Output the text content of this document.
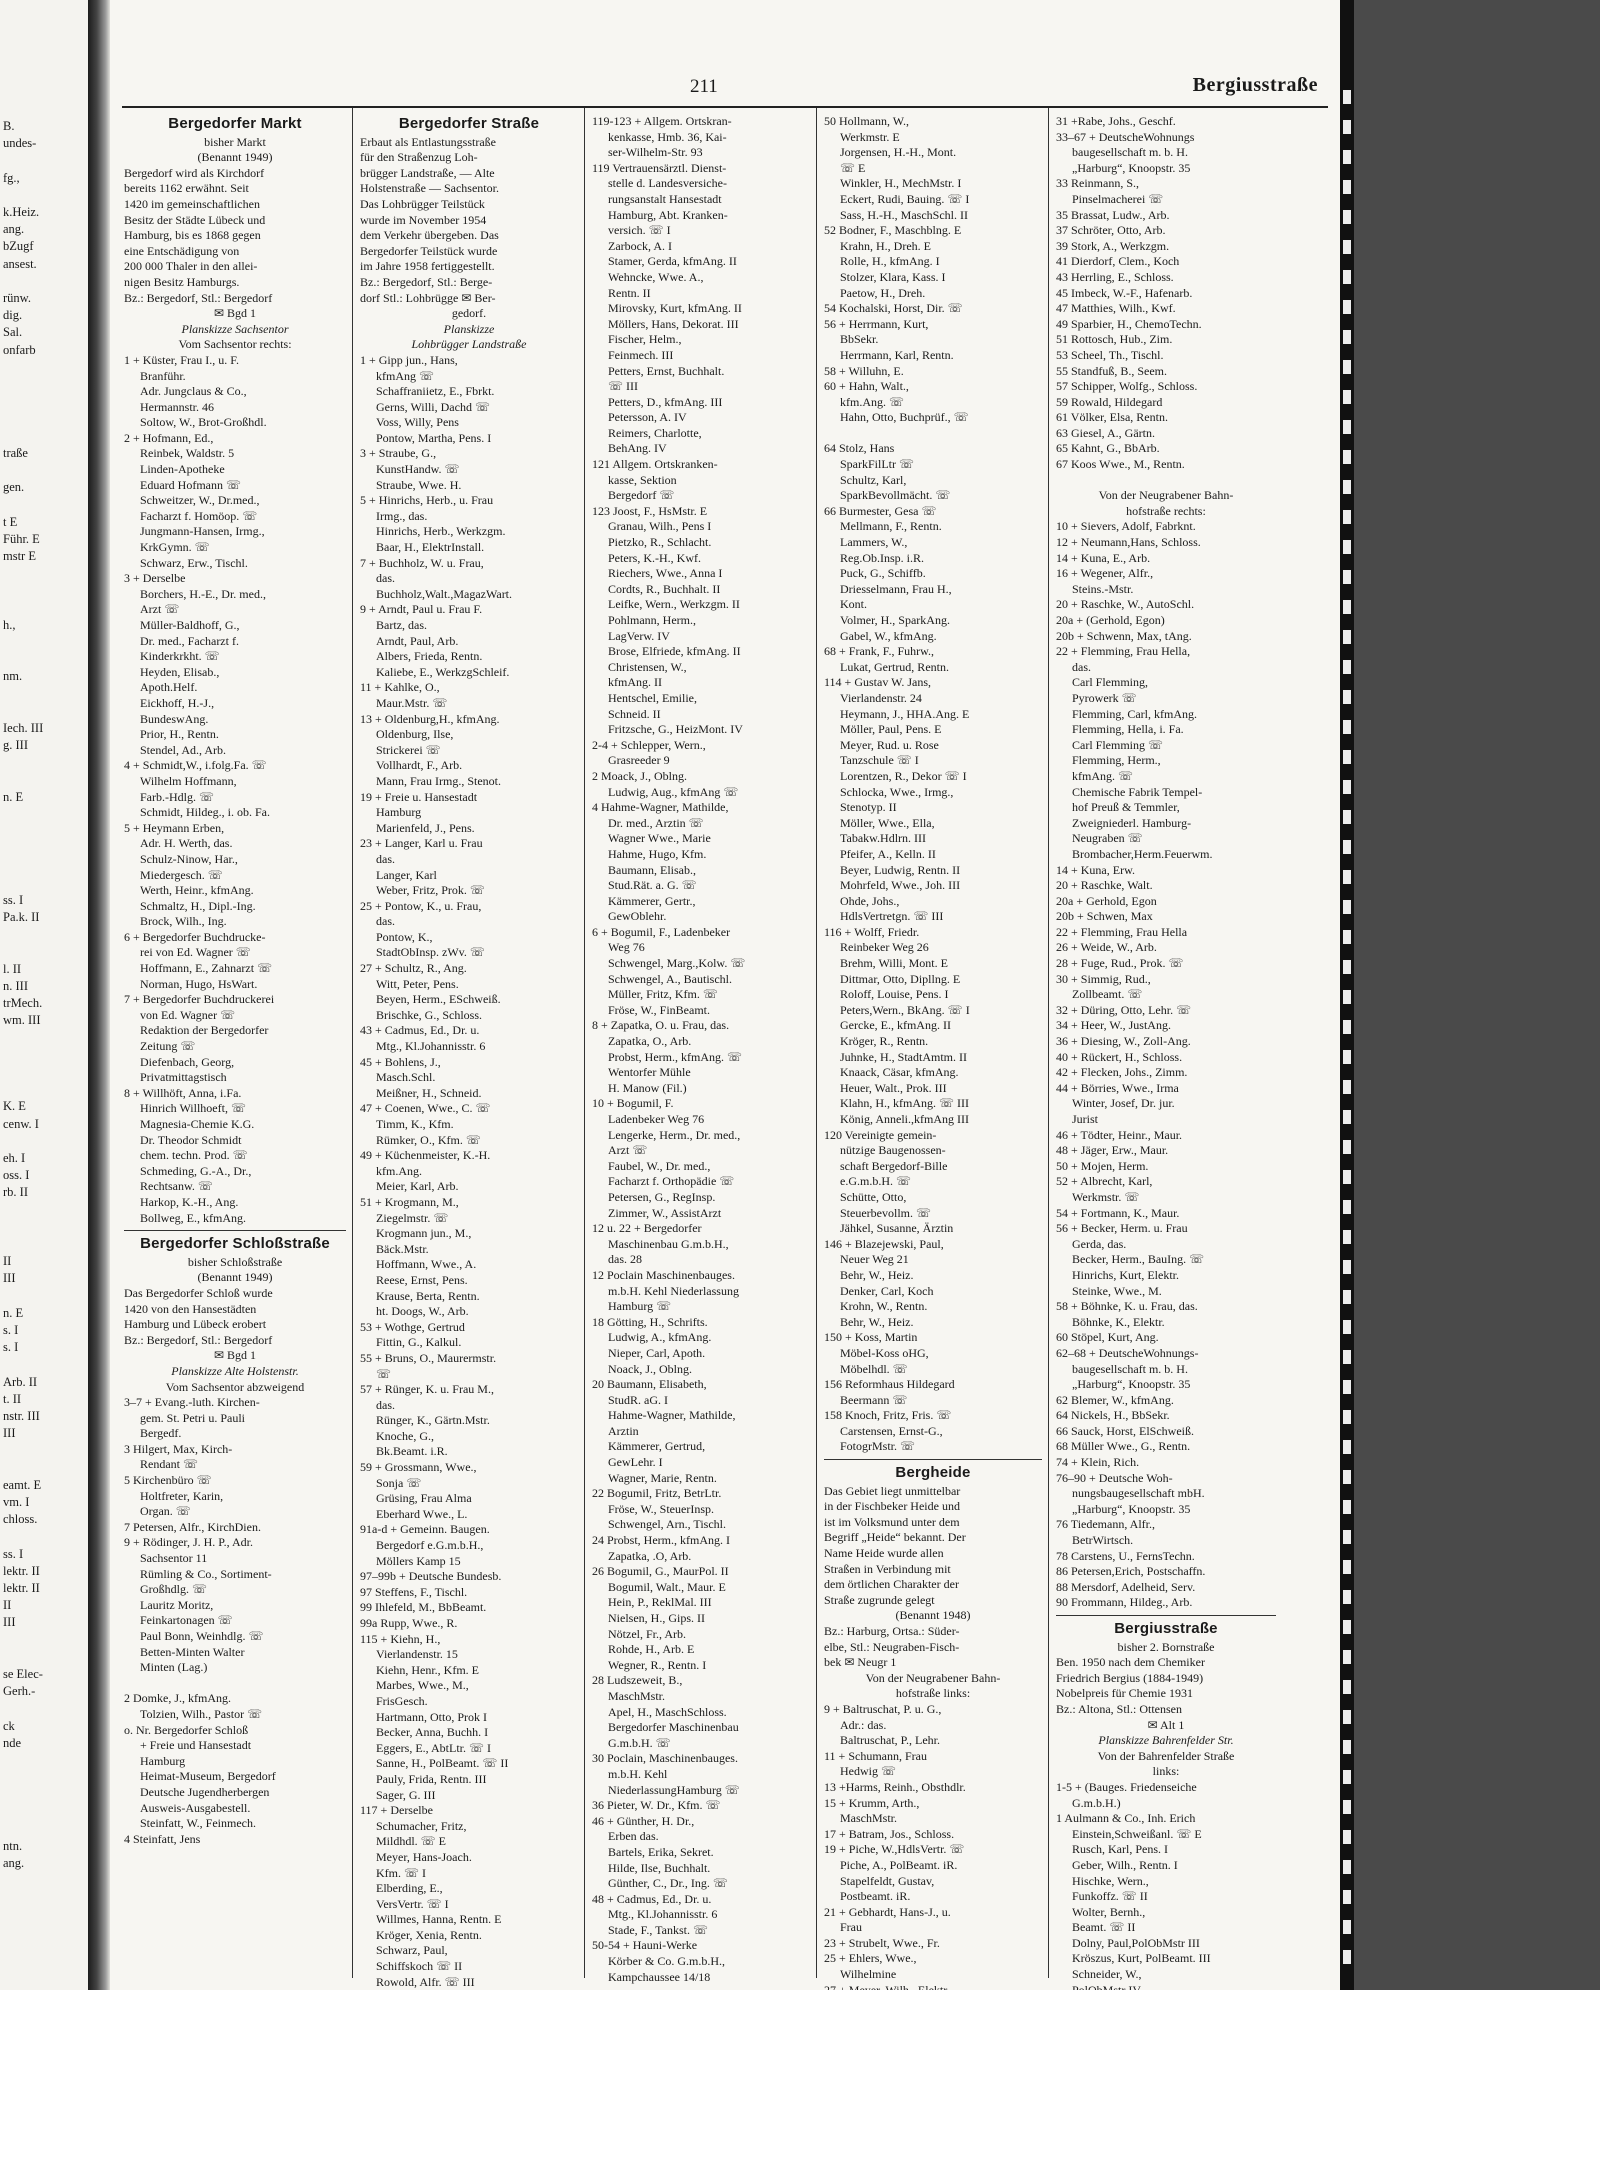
B.
undes-
fg.,
k.Heiz.
ang.
bZugf
ansest.
rünw.
dig.
Sal.
onfarb
traße
gen.
t E
Führ. E
mstr E
h.,
nm.
Iech. III
g. III
n. E
ss. I
Pa.k. II
l. II
n. III
trMech.
wm. III
K. E
cenw. I
eh. I
oss. I
rb. II
II
III
n. E
s. I
s. I
Arb. II
t. II
nstr. III
III
eamt. E
vm. I
chloss.
ss. I
lektr. II
lektr. II
II
III
se Elec-
Gerh.-
ck
nde
ntn.
ang.
211	Bergiusstraße
Bergedorfer Markt
bisher Markt
(Benannt 1949)
Bergedorf wird als Kirchdorf
bereits 1162 erwähnt. Seit
1420 im gemeinschaftlichen
Besitz der Städte Lübeck und
Hamburg, bis es 1868 gegen
eine Entschädigung von
200 000 Thaler in den allei-
nigen Besitz Hamburgs.
Bz.: Bergedorf, Stl.: Bergedorf
✉ Bgd 1
Planskizze Sachsentor
Vom Sachsentor rechts:
1 + Küster, Frau I., u. F.
Branführ.
Adr. Jungclaus & Co.,
Hermannstr. 46
Soltow, W., Brot-Großhdl.
2 + Hofmann, Ed.,
Reinbek, Waldstr. 5
Linden-Apotheke
Eduard Hofmann ☏
Schweitzer, W., Dr.med.,
Facharzt f. Homöop. ☏
Jungmann-Hansen, Irmg.,
KrkGymn. ☏
Schwarz, Erw., Tischl.
3 + Derselbe
Borchers, H.-E., Dr. med.,
Arzt ☏
Müller-Baldhoff, G.,
Dr. med., Facharzt f.
Kinderkrkht. ☏
Heyden, Elisab.,
Apoth.Helf.
Eickhoff, H.-J.,
BundeswAng.
Prior, H., Rentn.
Stendel, Ad., Arb.
4 + Schmidt,W., i.folg.Fa. ☏
Wilhelm Hoffmann,
Farb.-Hdlg. ☏
Schmidt, Hildeg., i. ob. Fa.
5 + Heymann Erben,
Adr. H. Werth, das.
Schulz-Ninow, Har.,
Miedergesch. ☏
Werth, Heinr., kfmAng.
Schmaltz, H., Dipl.-Ing.
Brock, Wilh., Ing.
6 + Bergedorfer Buchdrucke-
rei von Ed. Wagner ☏
Hoffmann, E., Zahnarzt ☏
Norman, Hugo, HsWart.
7 + Bergedorfer Buchdruckerei
von Ed. Wagner ☏
Redaktion der Bergedorfer
Zeitung ☏
Diefenbach, Georg,
Privatmittagstisch
8 + Willhöft, Anna, i.Fa.
Hinrich Willhoeft, ☏
Magnesia-Chemie K.G.
Dr. Theodor Schmidt
chem. techn. Prod. ☏
Schmeding, G.-A., Dr.,
Rechtsanw. ☏
Harkop, K.-H., Ang.
Bollweg, E., kfmAng.
Bergedorfer Schloßstraße
bisher Schloßstraße
(Benannt 1949)
Das Bergedorfer Schloß wurde
1420 von den Hansestädten
Hamburg und Lübeck erobert
Bz.: Bergedorf, Stl.: Bergedorf
✉ Bgd 1
Planskizze Alte Holstenstr.
Vom Sachsentor abzweigend
3–7 + Evang.-luth. Kirchen-
gem. St. Petri u. Pauli
Bergedf.
3 Hilgert, Max, Kirch-
Rendant ☏
5 Kirchenbüro ☏
Holtfreter, Karin,
Organ. ☏
7 Petersen, Alfr., KirchDien.
9 + Rödinger, J. H. P., Adr.
Sachsentor 11
Rümling & Co., Sortiment-
Großhdlg. ☏
Lauritz Moritz,
Feinkartonagen ☏
Paul Bonn, Weinhdlg. ☏
Betten-Minten Walter
Minten (Lag.)

2 Domke, J., kfmAng.
Tolzien, Wilh., Pastor ☏
o. Nr. Bergedorfer Schloß
+ Freie und Hansestadt
Hamburg
Heimat-Museum, Bergedorf
Deutsche Jugendherbergen
Ausweis-Ausgabestell.
Steinfatt, W., Feinmech.
4 Steinfatt, Jens
Bergedorfer Straße
Erbaut als Entlastungsstraße
für den Straßenzug Loh-
brügger Landstraße, — Alte
Holstenstraße — Sachsentor.
Das Lohbrügger Teilstück
wurde im November 1954
dem Verkehr übergeben. Das
Bergedorfer Teilstück wurde
im Jahre 1958 fertiggestellt.
Bz.: Bergedorf, Stl.: Berge-
dorf Stl.: Lohbrügge ✉ Ber-
gedorf.
Planskizze
Lohbrügger Landstraße
1 + Gipp jun., Hans,
kfmAng ☏
Schaffraniietz, E., Fbrkt.
Gerns, Willi, Dachd ☏
Voss, Willy, Pens
Pontow, Martha, Pens. I
3 + Straube, G.,
KunstHandw. ☏
Straube, Wwe. H.
5 + Hinrichs, Herb., u. Frau
Irmg., das.
Hinrichs, Herb., Werkzgm.
Baar, H., ElektrInstall.
7 + Buchholz, W. u. Frau,
das.
Buchholz,Walt.,MagazWart.
9 + Arndt, Paul u. Frau F.
Bartz, das.
Arndt, Paul, Arb.
Albers, Frieda, Rentn.
Kaliebe, E., WerkzgSchleif.
11 + Kahlke, O.,
Maur.Mstr. ☏
13 + Oldenburg,H., kfmAng.
Oldenburg, Ilse,
Strickerei ☏
Vollhardt, F., Arb.
Mann, Frau Irmg., Stenot.
19 + Freie u. Hansestadt
Hamburg
Marienfeld, J., Pens.
23 + Langer, Karl u. Frau
das.
Langer, Karl
Weber, Fritz, Prok. ☏
25 + Pontow, K., u. Frau,
das.
Pontow, K.,
StadtObInsp. zWv. ☏
27 + Schultz, R., Ang.
Witt, Peter, Pens.
Beyen, Herm., ESchweiß.
Brischke, G., Schloss.
43 + Cadmus, Ed., Dr. u.
Mtg., Kl.Johannisstr. 6
45 + Bohlens, J.,
Masch.Schl.
Meißner, H., Schneid.
47 + Coenen, Wwe., C. ☏
Timm, K., Kfm.
Rümker, O., Kfm. ☏
49 + Küchenmeister, K.-H.
kfm.Ang.
Meier, Karl, Arb.
51 + Krogmann, M.,
Ziegelmstr. ☏
Krogmann jun., M.,
Bäck.Mstr.
Hoffmann, Wwe., A.
Reese, Ernst, Pens.
Krause, Berta, Rentn.
ht. Doogs, W., Arb.
53 + Wothge, Gertrud
Fittin, G., Kalkul.
55 + Bruns, O., Maurermstr.
☏
57 + Rünger, K. u. Frau M.,
das.
Rünger, K., Gärtn.Mstr.
Knoche, G.,
Bk.Beamt. i.R.
59 + Grossmann, Wwe.,
Sonja ☏
Grüsing, Frau Alma
Eberhard Wwe., L.
91a-d + Gemeinn. Baugen.
Bergedorf e.G.m.b.H.,
Möllers Kamp 15
97–99b + Deutsche Bundesb.
97 Steffens, F., Tischl.
99 Ihlefeld, M., BbBeamt.
99a Rupp, Wwe., R.
115 + Kiehn, H.,
Vierlandenstr. 15
Kiehn, Henr., Kfm. E
Marbes, Wwe., M.,
FrisGesch.
Hartmann, Otto, Prok I
Becker, Anna, Buchh. I
Eggers, E., AbtLtr. ☏ I
Sanne, H., PolBeamt. ☏ II
Pauly, Frida, Rentn. III
Sager, G. III
117 + Derselbe
Schumacher, Fritz,
Mildhdl. ☏ E
Meyer, Hans-Joach.
Kfm. ☏ I
Elberding, E.,
VersVertr. ☏ I
Willmes, Hanna, Rentn. E
Kröger, Xenia, Rentn.
Schwarz, Paul,
Schiffskoch ☏ II
Rowold, Alfr. ☏ III
119-123 + Allgem. Ortskran-
kenkasse, Hmb. 36, Kai-
ser-Wilhelm-Str. 93
119 Vertrauensärztl. Dienst-
stelle d. Landesversiche-
rungsanstalt Hansestadt
Hamburg, Abt. Kranken-
versich. ☏ I
Zarbock, A. I
Stamer, Gerda, kfmAng. II
Wehncke, Wwe. A.,
Rentn. II
Mirovsky, Kurt, kfmAng. II
Möllers, Hans, Dekorat. III
Fischer, Helm.,
Feinmech. III
Petters, Ernst, Buchhalt.
☏ III
Petters, D., kfmAng. III
Petersson, A. IV
Reimers, Charlotte,
BehAng. IV
121 Allgem. Ortskranken-
kasse, Sektion
Bergedorf ☏
123 Joost, F., HsMstr. E
Granau, Wilh., Pens I
Pietzko, R., Schlacht.
Peters, K.-H., Kwf.
Riechers, Wwe., Anna I
Cordts, R., Buchhalt. II
Leifke, Wern., Werkzgm. II
Pohlmann, Herm.,
LagVerw. IV
Brose, Elfriede, kfmAng. II
Christensen, W.,
kfmAng. II
Hentschel, Emilie,
Schneid. II
Fritzsche, G., HeizMont. IV
2-4 + Schlepper, Wern.,
Grasreeder 9
2 Moack, J., Oblng.
Ludwig, Aug., kfmAng ☏
4 Hahme-Wagner, Mathilde,
Dr. med., Arztin ☏
Wagner Wwe., Marie
Hahme, Hugo, Kfm.
Baumann, Elisab.,
Stud.Rät. a. G. ☏
Kämmerer, Gertr.,
GewOblehr.
6 + Bogumil, F., Ladenbeker
Weg 76
Schwengel, Marg.,Kolw. ☏
Schwengel, A., Bautischl.
Müller, Fritz, Kfm. ☏
Fröse, W., FinBeamt.
8 + Zapatka, O. u. Frau, das.
Zapatka, O., Arb.
Probst, Herm., kfmAng. ☏
Wentorfer Mühle
H. Manow (Fil.)
10 + Bogumil, F.
Ladenbeker Weg 76
Lengerke, Herm., Dr. med.,
Arzt ☏
Faubel, W., Dr. med.,
Facharzt f. Orthopädie ☏
Petersen, G., RegInsp.
Zimmer, W., AssistArzt
12 u. 22 + Bergedorfer
Maschinenbau G.m.b.H.,
das. 28
12 Poclain Maschinenbauges.
m.b.H. Kehl Niederlassung
Hamburg ☏
18 Götting, H., Schrifts.
Ludwig, A., kfmAng.
Nieper, Carl, Apoth.
Noack, J., Oblng.
20 Baumann, Elisabeth,
StudR. aG. I
Hahme-Wagner, Mathilde,
Arztin
Kämmerer, Gertrud,
GewLehr. I
Wagner, Marie, Rentn.
22 Bogumil, Fritz, BetrLtr.
Fröse, W., SteuerInsp.
Schwengel, Arn., Tischl.
24 Probst, Herm., kfmAng. I
Zapatka, .O, Arb.
26 Bogumil, G., MaurPol. II
Bogumil, Walt., Maur. E
Hein, P., ReklMal. III
Nielsen, H., Gips. II
Nötzel, Fr., Arb.
Rohde, H., Arb. E
Wegner, R., Rentn. I
28 Ludszeweit, B.,
MaschMstr.
Apel, H., MaschSchloss.
Bergedorfer Maschinenbau
G.m.b.H. ☏
30 Poclain, Maschinenbauges.
m.b.H. Kehl
NiederlassungHamburg ☏
36 Pieter, W. Dr., Kfm. ☏
46 + Günther, H. Dr.,
Erben das.
Bartels, Erika, Sekret.
Hilde, Ilse, Buchhalt.
Günther, C., Dr., Ing. ☏
48 + Cadmus, Ed., Dr. u.
Mtg., Kl.Johannisstr. 6
Stade, F., Tankst. ☏
50-54 + Hauni-Werke
Körber & Co. G.m.b.H.,
Kampchaussee 14/18
50 Hollmann, W.,
Werkmstr. E
Jorgensen, H.-H., Mont.
☏ E
Winkler, H., MechMstr. I
Eckert, Rudi, Bauing. ☏ I
Sass, H.-H., MaschSchl. II
52 Bodner, F., Maschblng. E
Krahn, H., Dreh. E
Rolle, H., kfmAng. I
Stolzer, Klara, Kass. I
Paetow, H., Dreh.
54 Kochalski, Horst, Dir. ☏
56 + Herrmann, Kurt,
BbSekr.
Herrmann, Karl, Rentn.
58 + Willuhn, E.
60 + Hahn, Walt.,
kfm.Ang. ☏
Hahn, Otto, Buchprüf., ☏

64 Stolz, Hans
SparkFilLtr ☏
Schultz, Karl,
SparkBevollmächt. ☏
66 Burmester, Gesa ☏
Mellmann, F., Rentn.
Lammers, W.,
Reg.Ob.Insp. i.R.
Puck, G., Schiffb.
Driesselmann, Frau H.,
Kont.
Volmer, H., SparkAng.
Gabel, W., kfmAng.
68 + Frank, F., Fuhrw.,
Lukat, Gertrud, Rentn.
114 + Gustav W. Jans,
Vierlandenstr. 24
Heymann, J., HHA.Ang. E
Möller, Paul, Pens. E
Meyer, Rud. u. Rose
Tanzschule ☏ I
Lorentzen, R., Dekor ☏ I
Schlocka, Wwe., Irmg.,
Stenotyp. II
Möller, Wwe., Ella,
Tabakw.Hdlrn. III
Pfeifer, A., Kelln. II
Beyer, Ludwig, Rentn. II
Mohrfeld, Wwe., Joh. III
Ohde, Johs.,
HdlsVertretgn. ☏ III
116 + Wolff, Friedr.
Reinbeker Weg 26
Brehm, Willi, Mont. E
Dittmar, Otto, Dipllng. E
Roloff, Louise, Pens. I
Peters,Wern., BkAng. ☏ I
Gercke, E., kfmAng. II
Kröger, R., Rentn.
Juhnke, H., StadtAmtm. II
Knaack, Cäsar, kfmAng.
Heuer, Walt., Prok. III
Klahn, H., kfmAng. ☏ III
König, Anneli.,kfmAng III
120 Vereinigte gemein-
nützige Baugenossen-
schaft Bergedorf-Bille
e.G.m.b.H. ☏
Schütte, Otto,
Steuerbevollm. ☏
Jähkel, Susanne, Ärztin
146 + Blazejewski, Paul,
Neuer Weg 21
Behr, W., Heiz.
Denker, Carl, Koch
Krohn, W., Rentn.
Behr, W., Heiz.
150 + Koss, Martin
Möbel-Koss oHG,
Möbelhdl. ☏
156 Reformhaus Hildegard
Beermann ☏
158 Knoch, Fritz, Fris. ☏
Carstensen, Ernst-G.,
FotogrMstr. ☏
Bergheide
Das Gebiet liegt unmittelbar
in der Fischbeker Heide und
ist im Volksmund unter dem
Begriff „Heide“ bekannt. Der
Name Heide wurde allen
Straßen in Verbindung mit
dem örtlichen Charakter der
Straße zugrunde gelegt
(Benannt 1948)
Bz.: Harburg, Ortsa.: Süder-
elbe, Stl.: Neugraben-Fisch-
bek ✉ Neugr 1
Von der Neugrabener Bahn-
hofstraße links:
9 + Baltruschat, P. u. G.,
Adr.: das.
Baltruschat, P., Lehr.
11 + Schumann, Frau
Hedwig ☏
13 +Harms, Reinh., Obsthdlr.
15 + Krumm, Arth.,
MaschMstr.
17 + Batram, Jos., Schloss.
19 + Piche, W.,HdlsVertr. ☏
Piche, A., PolBeamt. iR.
Stapelfeldt, Gustav,
Postbeamt. iR.
21 + Gebhardt, Hans-J., u.
Frau
23 + Strubelt, Wwe., Fr.
25 + Ehlers, Wwe.,
Wilhelmine
31 +Rabe, Johs., Geschf.
33–67 + DeutscheWohnungs
baugesellschaft m. b. H.
„Harburg“, Knoopstr. 35
33 Reinmann, S.,
Pinselmacherei ☏
35 Brassat, Ludw., Arb.
37 Schröter, Otto, Arb.
39 Stork, A., Werkzgm.
41 Dierdorf, Clem., Koch
43 Herrling, E., Schloss.
45 Imbeck, W.-F., Hafenarb.
47 Matthies, Wilh., Kwf.
49 Sparbier, H., ChemoTechn.
51 Rottosch, Hub., Zim.
53 Scheel, Th., Tischl.
55 Standfuß, B., Seem.
57 Schipper, Wolfg., Schloss.
59 Rowald, Hildegard
61 Völker, Elsa, Rentn.
63 Giesel, A., Gärtn.
65 Kahnt, G., BbArb.
67 Koos Wwe., M., Rentn.

Von der Neugrabener Bahn-
hofstraße rechts:
10 + Sievers, Adolf, Fabrknt.
12 + Neumann,Hans, Schloss.
14 + Kuna, E., Arb.
16 + Wegener, Alfr.,
Steins.-Mstr.
20 + Raschke, W., AutoSchl.
20a + (Gerhold, Egon)
20b + Schwenn, Max, tAng.
22 + Flemming, Frau Hella,
das.
Carl Flemming,
Pyrowerk ☏
Flemming, Carl, kfmAng.
Flemming, Hella, i. Fa.
Carl Flemming ☏
Flemming, Herm.,
kfmAng. ☏
Chemische Fabrik Tempel-
hof Preuß & Temmler,
Zweigniederl. Hamburg-
Neugraben ☏
Brombacher,Herm.Feuerwm.
14 + Kuna, Erw.
20 + Raschke, Walt.
20a + Gerhold, Egon
20b + Schwen, Max
22 + Flemming, Frau Hella
26 + Weide, W., Arb.
28 + Fuge, Rud., Prok. ☏
30 + Simmig, Rud.,
Zollbeamt. ☏
32 + Düring, Otto, Lehr. ☏
34 + Heer, W., JustAng.
36 + Diesing, W., Zoll-Ang.
40 + Rückert, H., Schloss.
42 + Flecken, Johs., Zimm.
44 + Börries, Wwe., Irma
Winter, Josef, Dr. jur.
Jurist
46 + Tödter, Heinr., Maur.
48 + Jäger, Erw., Maur.
50 + Mojen, Herm.
52 + Albrecht, Karl,
Werkmstr. ☏
54 + Fortmann, K., Maur.
56 + Becker, Herm. u. Frau
Gerda, das.
Becker, Herm., BauIng. ☏
Hinrichs, Kurt, Elektr.
Steinke, Wwe., M.
58 + Böhnke, K. u. Frau, das.
Böhnke, K., Elektr.
60 Stöpel, Kurt, Ang.
62–68 + DeutscheWohnungs-
baugesellschaft m. b. H.
„Harburg“, Knoopstr. 35
62 Blemer, W., kfmAng.
64 Nickels, H., BbSekr.
66 Sauck, Horst, ElSchweiß.
68 Müller Wwe., G., Rentn.
74 + Klein, Rich.
76–90 + Deutsche Woh-
nungsbaugesellschaft mbH.
„Harburg“, Knoopstr. 35
76 Tiedemann, Alfr.,
BetrWirtsch.
78 Carstens, U., FernsTechn.
86 Petersen,Erich, Postschaffn.
88 Mersdorf, Adelheid, Serv.
90 Frommann, Hildeg., Arb.
Bergiusstraße
bisher 2. Bornstraße
Ben. 1950 nach dem Chemiker
Friedrich Bergius (1884-1949)
Nobelpreis für Chemie 1931
Bz.: Altona, Stl.: Ottensen
✉ Alt 1
Planskizze Bahrenfelder Str.
Von der Bahrenfelder Straße
links:
1-5 + (Bauges. Friedenseiche
G.m.b.H.)
1 Aulmann & Co., Inh. Erich
Einstein,Schweißanl. ☏ E
Rusch, Karl, Pens. I
Geber, Wilh., Rentn. I
Hischke, Wern.,
Funkoffz. ☏ II
Wolter, Bernh.,
Beamt. ☏ II
Dolny, Paul,PolObMstr III
Kröszus, Kurt, PolBeamt. III
Schneider, W.,
